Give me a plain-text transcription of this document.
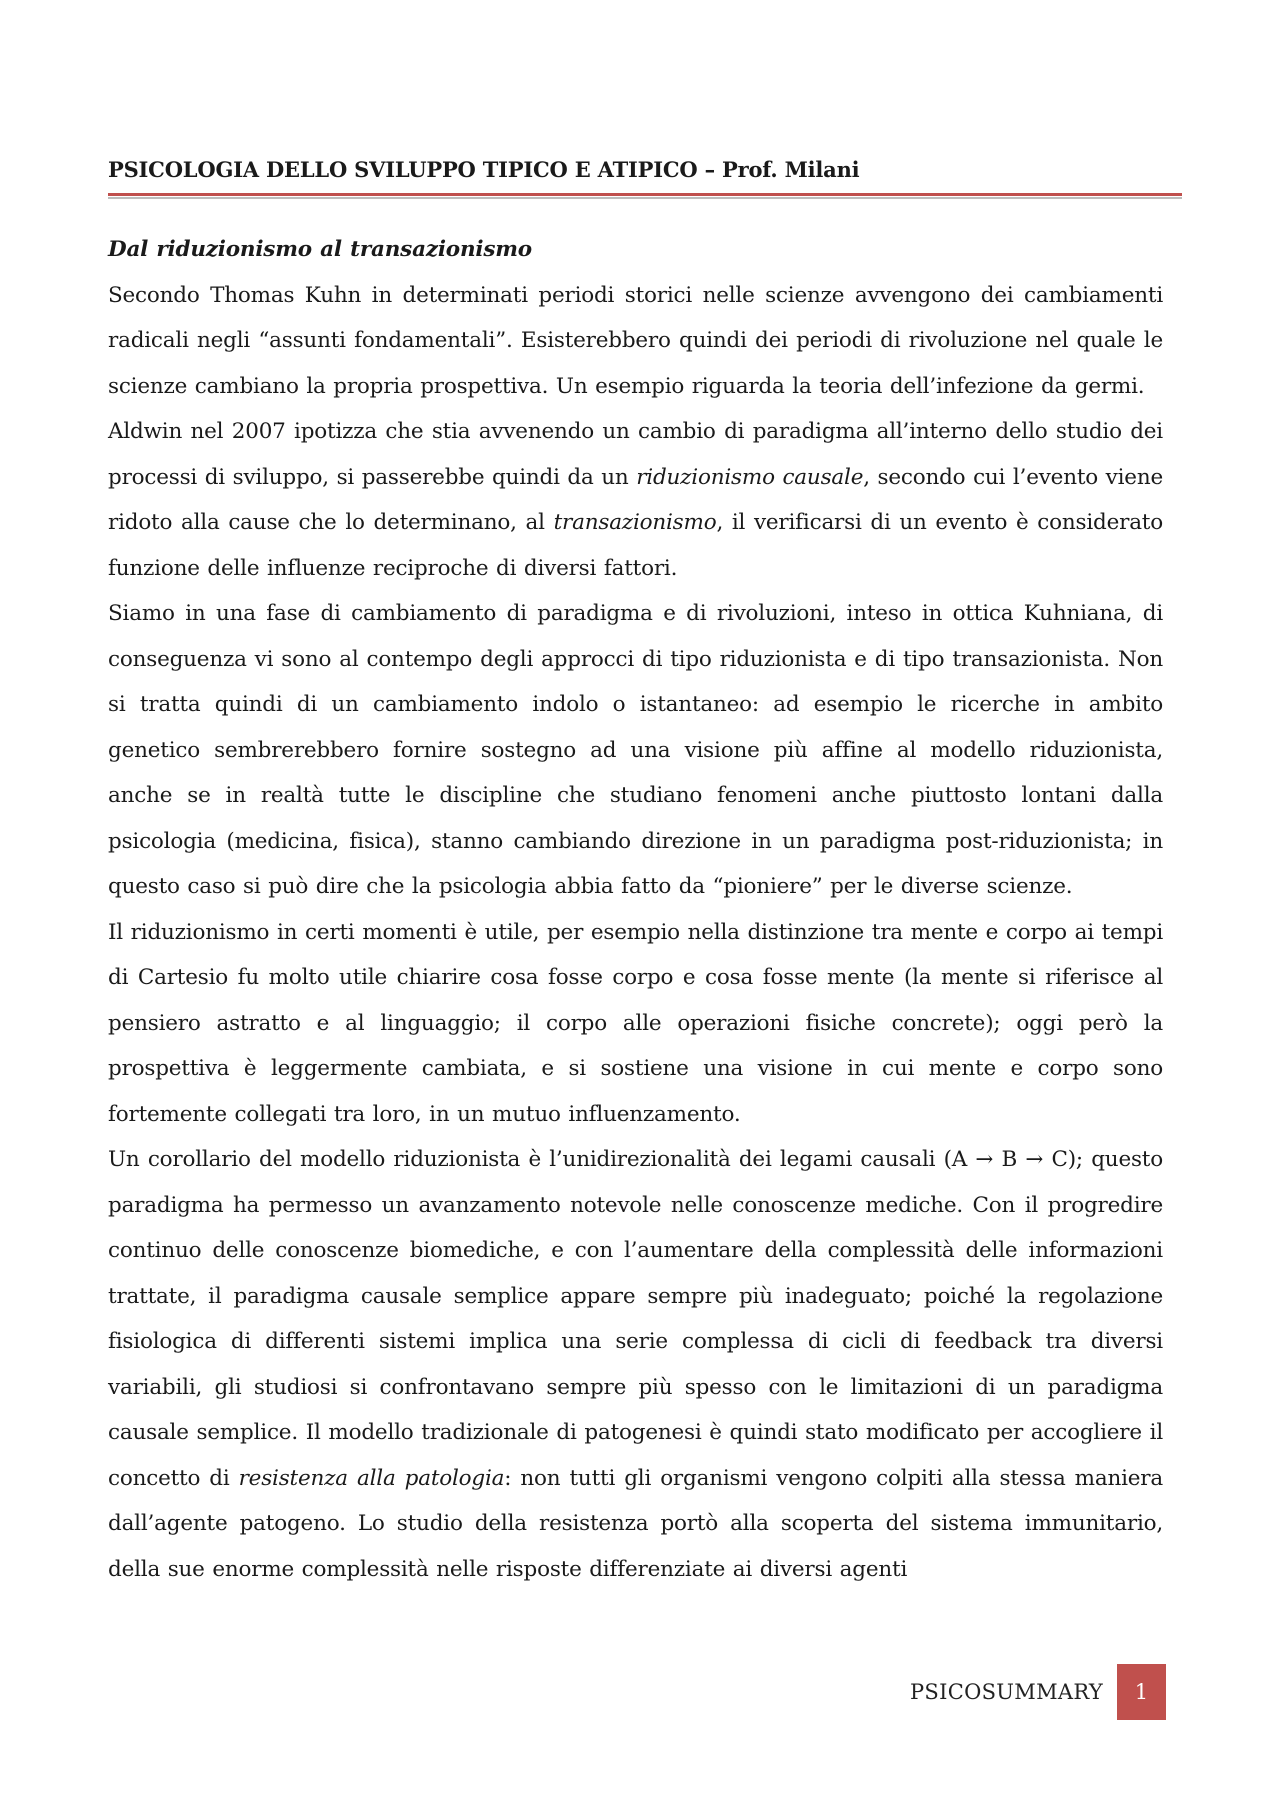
PSICOLOGIA DELLO SVILUPPO TIPICO E ATIPICO – Prof. Milani

Dal riduzionismo al transazionismo

Secondo Thomas Kuhn in determinati periodi storici nelle scienze avvengono dei cambiamenti radicali negli “assunti fondamentali”. Esisterebbero quindi dei periodi di rivoluzione nel quale le scienze cambiano la propria prospettiva. Un esempio riguarda la teoria dell’infezione da germi.

Aldwin nel 2007 ipotizza che stia avvenendo un cambio di paradigma all’interno dello studio dei processi di sviluppo, si passerebbe quindi da un riduzionismo causale, secondo cui l’evento viene ridoto alla cause che lo determinano, al transazionismo, il verificarsi di un evento è considerato funzione delle influenze reciproche di diversi fattori.

Siamo in una fase di cambiamento di paradigma e di rivoluzioni, inteso in ottica Kuhniana, di conseguenza vi sono al contempo degli approcci di tipo riduzionista e di tipo transazionista. Non si tratta quindi di un cambiamento indolo o istantaneo: ad esempio le ricerche in ambito genetico sembrerebbero fornire sostegno ad una visione più affine al modello riduzionista, anche se in realtà tutte le discipline che studiano fenomeni anche piuttosto lontani dalla psicologia (medicina, fisica), stanno cambiando direzione in un paradigma post-riduzionista; in questo caso si può dire che la psicologia abbia fatto da “pioniere” per le diverse scienze.

Il riduzionismo in certi momenti è utile, per esempio nella distinzione tra mente e corpo ai tempi di Cartesio fu molto utile chiarire cosa fosse corpo e cosa fosse mente (la mente si riferisce al pensiero astratto e al linguaggio; il corpo alle operazioni fisiche concrete); oggi però la prospettiva è leggermente cambiata, e si sostiene una visione in cui mente e corpo sono fortemente collegati tra loro, in un mutuo influenzamento.

Un corollario del modello riduzionista è l’unidirezionalità dei legami causali (A → B → C); questo paradigma ha permesso un avanzamento notevole nelle conoscenze mediche. Con il progredire continuo delle conoscenze biomediche, e con l’aumentare della complessità delle informazioni trattate, il paradigma causale semplice appare sempre più inadeguato; poiché la regolazione fisiologica di differenti sistemi implica una serie complessa di cicli di feedback tra diversi variabili, gli studiosi si confrontavano sempre più spesso con le limitazioni di un paradigma causale semplice. Il modello tradizionale di patogenesi è quindi stato modificato per accogliere il concetto di resistenza alla patologia: non tutti gli organismi vengono colpiti alla stessa maniera dall’agente patogeno. Lo studio della resistenza portò alla scoperta del sistema immunitario, della sue enorme complessità nelle risposte differenziate ai diversi agenti

PSICOSUMMARY 1
